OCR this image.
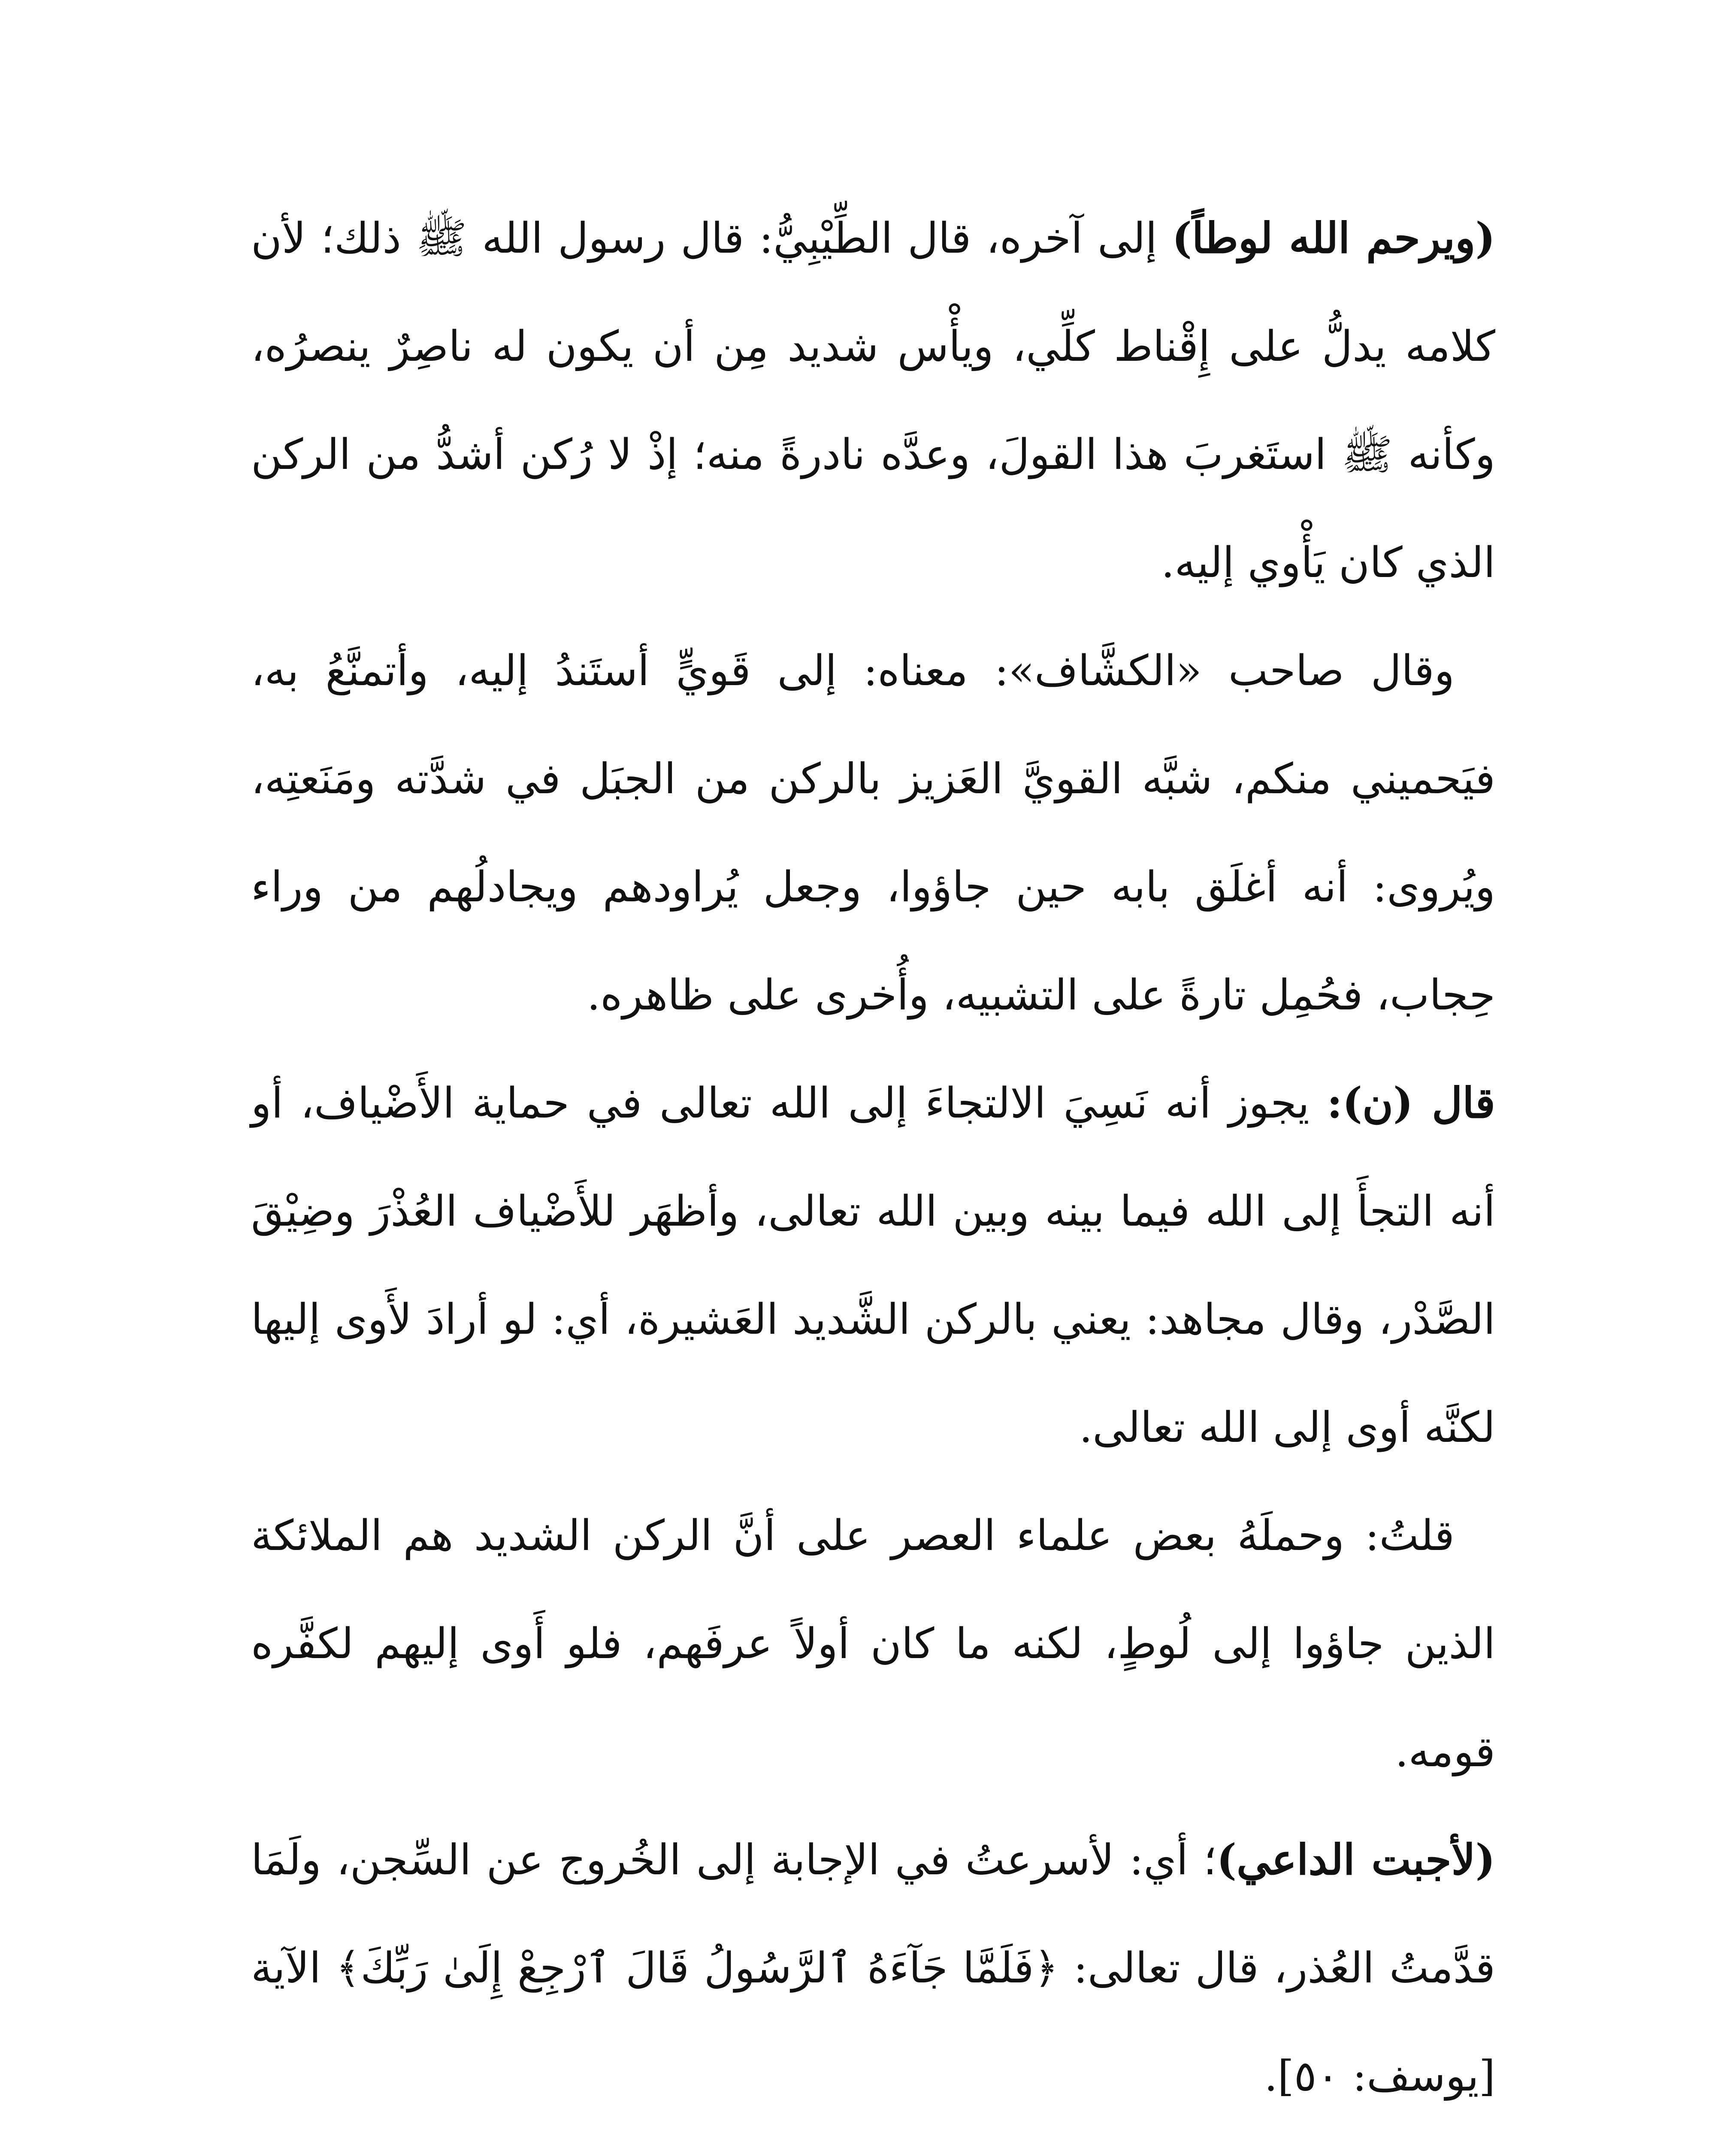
(ويرحم الله لوطاً) إلى آخره، قال الطِّيْبِيُّ: قال رسول الله ﷺ ذلك؛ لأن كلامه يدلُّ على إِقْناط كلِّي، ويأْس شديد مِن أن يكون له ناصِرٌ ينصرُه، وكأنه ﷺ استَغربَ هذا القولَ، وعدَّه نادرةً منه؛ إذْ لا رُكن أشدُّ من الركن الذي كان يَأْوي إليه.

وقال صاحب «الكشَّاف»: معناه: إلى قَويٍّ أستَندُ إليه، وأتمنَّعُ به، فيَحميني منكم، شبَّه القويَّ العَزيز بالركن من الجبَل في شدَّته ومَنَعتِه، ويُروى: أنه أغلَق بابه حين جاؤوا، وجعل يُراودهم ويجادلُهم من وراء حِجاب، فحُمِل تارةً على التشبيه، وأُخرى على ظاهره.

قال (ن): يجوز أنه نَسِيَ الالتجاءَ إلى الله تعالى في حماية الأَضْياف، أو أنه التجأَ إلى الله فيما بينه وبين الله تعالى، وأظهَر للأَضْياف العُذْرَ وضِيْقَ الصَّدْر، وقال مجاهد: يعني بالركن الشَّديد العَشيرة، أي: لو أرادَ لأَوى إليها لكنَّه أوى إلى الله تعالى.

قلتُ: وحملَهُ بعض علماء العصر على أنَّ الركن الشديد هم الملائكة الذين جاؤوا إلى لُوطٍ، لكنه ما كان أولاً عرفَهم، فلو أَوى إليهم لكفَّره قومه.

(لأجبت الداعي)؛ أي: لأسرعتُ في الإجابة إلى الخُروج عن السِّجن، ولَمَا قدَّمتُ العُذر، قال تعالى: ﴿فَلَمَّا جَآءَهُ ٱلرَّسُولُ قَالَ ٱرْجِعْ إِلَىٰ رَبِّكَ﴾ الآية [يوسف: ٥٠].
